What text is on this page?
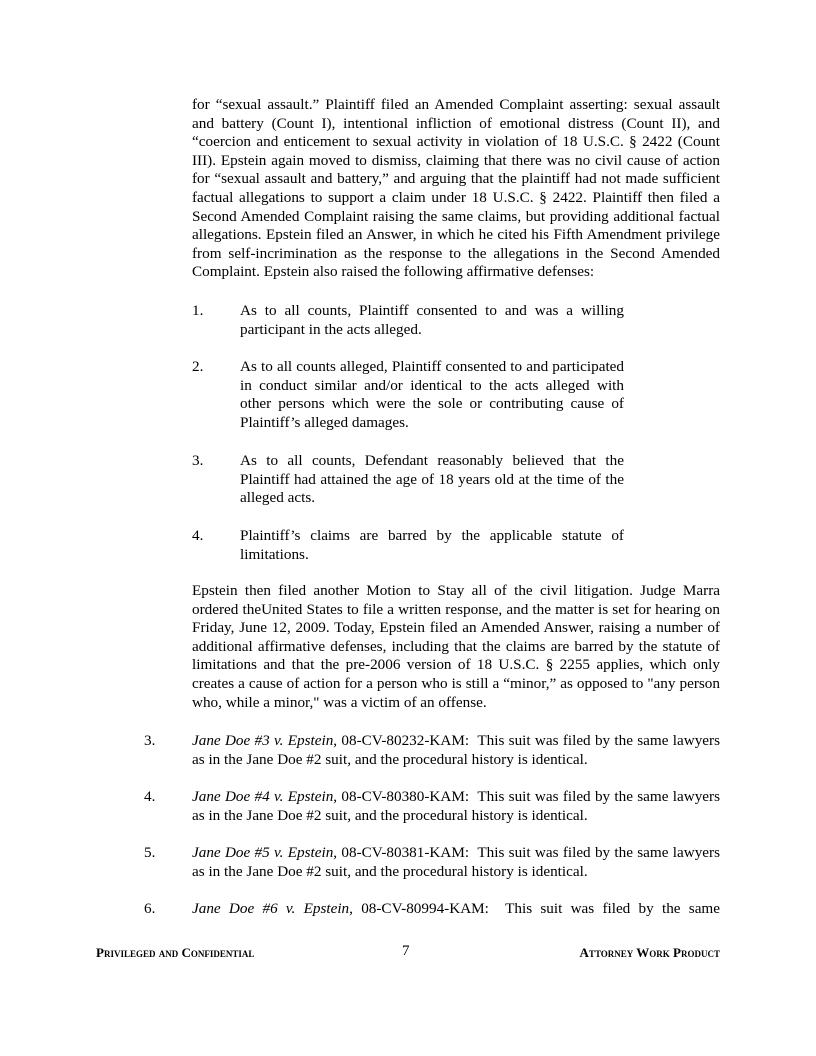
for “sexual assault.” Plaintiff filed an Amended Complaint asserting: sexual assault and battery (Count I), intentional infliction of emotional distress (Count II), and “coercion and enticement to sexual activity in violation of 18 U.S.C. § 2422 (Count III). Epstein again moved to dismiss, claiming that there was no civil cause of action for “sexual assault and battery,” and arguing that the plaintiff had not made sufficient factual allegations to support a claim under 18 U.S.C. § 2422. Plaintiff then filed a Second Amended Complaint raising the same claims, but providing additional factual allegations. Epstein filed an Answer, in which he cited his Fifth Amendment privilege from self-incrimination as the response to the allegations in the Second Amended Complaint. Epstein also raised the following affirmative defenses:

1.	As to all counts, Plaintiff consented to and was a willing participant in the acts alleged.
2.	As to all counts alleged, Plaintiff consented to and participated in conduct similar and/or identical to the acts alleged with other persons which were the sole or contributing cause of Plaintiff’s alleged damages.
3.	As to all counts, Defendant reasonably believed that the Plaintiff had attained the age of 18 years old at the time of the alleged acts.
4.	Plaintiff’s claims are barred by the applicable statute of limitations.

Epstein then filed another Motion to Stay all of the civil litigation. Judge Marra ordered theUnited States to file a written response, and the matter is set for hearing on Friday, June 12, 2009. Today, Epstein filed an Amended Answer, raising a number of additional affirmative defenses, including that the claims are barred by the statute of limitations and that the pre-2006 version of 18 U.S.C. § 2255 applies, which only creates a cause of action for a person who is still a “minor,” as opposed to "any person who, while a minor," was a victim of an offense.

3.	Jane Doe #3 v. Epstein, 08-CV-80232-KAM: This suit was filed by the same lawyers as in the Jane Doe #2 suit, and the procedural history is identical.
4.	Jane Doe #4 v. Epstein, 08-CV-80380-KAM: This suit was filed by the same lawyers as in the Jane Doe #2 suit, and the procedural history is identical.
5.	Jane Doe #5 v. Epstein, 08-CV-80381-KAM: This suit was filed by the same lawyers as in the Jane Doe #2 suit, and the procedural history is identical.
6.	Jane Doe #6 v. Epstein, 08-CV-80994-KAM: This suit was filed by the same
Privileged and Confidential	7	Attorney Work Product
